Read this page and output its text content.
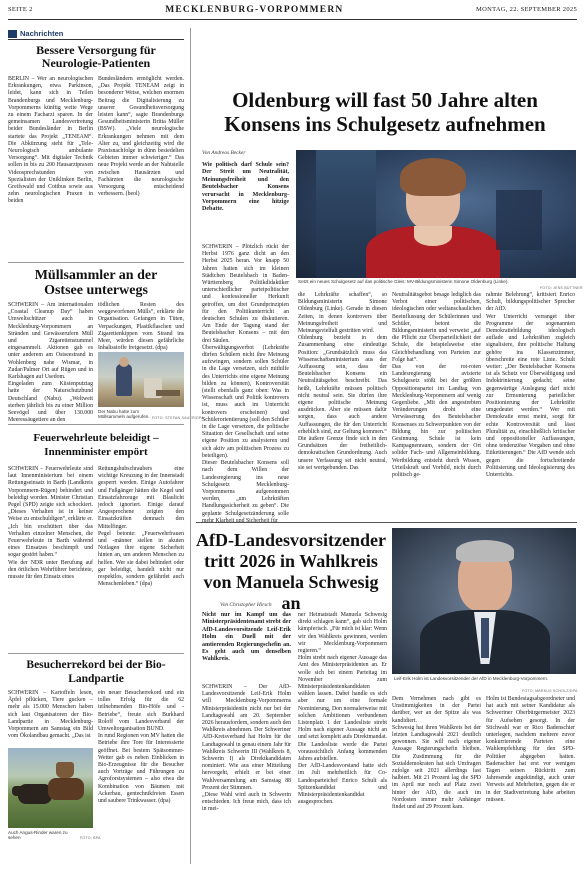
SEITE 2	MECKLENBURG-VORPOMMERN	MONTAG, 22. SEPTEMBER 2025
Nachrichten
Bessere Versorgung für Neurologie-Patienten
BERLIN – Wer an neurologischen Erkrankungen, etwa Parkinson, leidet, kann sich in Teilen Brandenburgs und Mecklenburg-Vorpommerns künftig weite Wege zu einem Facharzt sparen. In der gemeinsamen Landesvertretung beider Bundesländer in Berlin startete das Projekt „TENEAM“. Die Abkürzung steht für „Tele-Neurologisch ambulante Versorgung“. Mit digitaler Technik sollen in bis zu 200 Hausarztpraxen Videosprechstunden von Spezialisten der Uniklinken Berlin, Greifswald und Cottbus sowie aus zehn neurologischen Praxen in beiden
Bundesländern ermöglicht werden. „Das Projekt TENEAM zeigt in besonderer Weise, welchen enormen Beitrag die Digitalisierung zu unserer Gesundheitsversorgung leisten kann“, sagte Brandenburgs Gesundheitsministerin Britta Müller (BSW). „Viele neurologische Erkrankungen nehmen mit dem Alter zu, und gleichzeitig wird die Praxisnachfolge in dünn besiedelten Gebieten immer schwieriger.“ Das neue Projekt werde an der Nahtstelle zwischen Hausärzten und Fachärzten die neurologische Versorgung entscheidend verbessern. (beol)
Müllsammler an der Ostsee unterwegs
SCHWERIN – Am internationalen „Coastal Cleanup Day“ haben Umweltschützer auch in Mecklenburg-Vorpommern an Stränden und Gewässerufern Müll und Zigarettenstummel eingesammelt. Aktionen gab es unter anderem am Ostseestrand in Wohlenberg nahe Wismar, in Zudar/Palmer Ort auf Rügen und in Karlshagen auf Usedom.
Eingeladen zum Küstenputztag hatte der Naturschutzbund Deutschland (Nabu). „Weltweit sterben jährlich bis zu einer Million Seevögel und über 130.000 Meeressäugetiere an den
tödlichen Resten des weggeworfenen Mülls“, erklärte die Organisation. Gefangen in Tüten, Verpackungen, Plastikflaschen und Zigarettenkippen vom Strand ins Meer, würden diesen gefährliche Inhaltsstoffe freigesetzt. (dpa)
Der Nabu hatte zum Müllsammeln aufgerufen. FOTO: STEFAN SAUER/DPA
Feuerwehrleute beleidigt – Innenminister empört
SCHWERIN – Feuerwehrleute sind laut Innenministerium bei einem Rettungseinsatz in Barth (Landkreis Vorpommern-Rügen) behindert und beleidigt worden. Minister Christian Pegel (SPD) zeigte sich schockiert. „Dieses Verhalten ist in keiner Weise zu entschuldigen“, erklärte er. „Ich bin erschüttert über das Verhalten einzelner Menschen, die Feuerwehrleute in Barth während eines Einsatzes beschimpft und sogar gestört haben.“
Wie der NDR unter Berufung auf den örtlichen Wehrführer berichtete, musste für den Einsatz eines
Rettungshubschraubers eine wichtige Kreuzung in der Innenstadt gesperrt werden. Einige Autofahrer und Fußgänger hätten die Kegel und Einsatzfahrzeuge mit Blaulicht jedoch ignoriert. Einige darauf Angesprochene zeigten den Einsatzkräften demnach den Mittelfinger.
Pegel betonte: „Feuerwehrfrauen und -männer stellen in akuten Notlagen ihre eigene Sicherheit hinten an, um anderen Menschen zu helfen. Wer sie dabei behindert oder gar beleidigt, handelt nicht nur respektlos, sondern gefährdet auch Menschenleben.“ (dpa)
Besucherrekord bei der Bio-Landpartie
SCHWERIN – Kartoffeln lesen, Äpfel pflücken, Tiere gucken – mehr als 15.000 Menschen haben sich laut Organisatoren der Bio-Landpartie in Mecklenburg-Vorpommern am Samstag ein Bild vom Ökolandbau gemacht. „Das ist
ein neuer Besucherrekord und ein tolles Erfolg für die 62 teilnehmenden Bio-Höfe und -Betriebe“, freute sich Burkhard Roloff vom Landesverband der Umweltorganisation BUND.
In rund Regionen von MV hatten die Betriebe ihre Tore für Interessierte geöffnet. Bei bestem Spätsommer-Wetter gab es neben Einblicken in Bio-Erzeugnisse für die Besucher auch Vorträge und Führungen zu Agroforstsystemen – also etwa die Kombination von Bäumen mit Ackerbau, gentechnikfreien Essen und saubere Trinkwasser. (dpa)
Auch Angus-Rinder waren zu sehen	FOTO: BPA
Oldenburg will fast 50 Jahre alten Konsens ins Schulgesetz aufnehmen
Von Andreas Becker
Wie politisch darf Schule sein? Der Streit um Neutralität, Meinungsfreiheit und den Beutelsbacher Konsens verursacht in Mecklenburg-Vorpommern eine hitzige Debatte.
SCHWERIN – Plötzlich rückt der Herbst 1976 ganz dicht an den Herbst 2025 heran. Vor knapp 50 Jahren hatten sich im kleinen Städtchen Beutelsbach in Baden-Württemberg Politikdidaktiker unterschiedlicher parteipolitischer und konfessioneller Herkunft getroffen, um drei Grundprinzipien für den Politikunterricht an deutschen Schulen zu diskutieren. Am Ende der Tagung stand der Beutelsbacher Konsens – mit den drei Säulen.
Überwältigungsverbot (Lehrkräfte dürfen Schülern nicht ihre Meinung aufzwingen, sondern sollen Schüler in die Lage versetzen, sich mithilfe des Unterrichts eine eigene Meinung bilden zu können), Kontroversität (stellt ebenfalls ganz oben: Was in Wissenschaft und Politik kontrovers ist, muss auch im Unterricht kontrovers erscheinen) und Schülerorientierung (soll den Schüler in die Lage versetzen, die politische Situation der Gesellschaft und seine eigene Position zu analysieren und sich aktiv am politischen Prozess zu beteiligen).
Dieser Beutelsbacher Konsens soll nach dem Willen der Landesregierung ins neue Schulgesetz Mecklenburg-Vorpommerns aufgenommen werden, „um Lehrkräften Handlungssicherheit zu geben“. Die geplante Schulgesetzänderung solle mehr Klarheit und Sicherheit für
Setzt ein neues Schulgesetz auf das politische Gleis: MV-Bildungsministerin Simone Oldenburg (Linke).
FOTO: JENS BÜTTNER
die Lehrkräfte schaffen“, so Bildungsministerin Simone Oldenburg (Linke). Gerade in diesen Zeiten, in denen kontrovers über Meinungsfreiheit und Meinungsvielfalt gestritten wird.
Oldenburg bezieht in dem Zusammenhang eine eindeutige Position: „Grundsätzlich muss das Wissenschaftsministerium aus der Auffassung sein, dass der Beutelsbacher Konsens ein Neutralitätsgebot beschreibt. Das heißt, Lehrkräfte müssen politisch nicht neutral sein. Sie dürfen ihre eigene politische Meinung ausdrücken. Aber sie müssen dafür sorgen, dass auch andere Auffassungen, die für den Unterricht erheblich sind, zur Geltung kommen.“
Die äußere Grenze finde sich in den Grundsätzen der freiheitlich-demokratischen Grundordnung. Auch unsere Verfassung sei nicht neutral, sie sei wertgebunden. Das
Neutralitätsgebot besage lediglich das Verbot einer politischen, ideologischen oder weltanschaulichen Beeinflussung der Schülerinnen und Schüler, betont die Bildungsministerin und verweist „auf die Pflicht zur Überparteilichkeit der Schule, die beispielsweise eine Gleichbehandlung von Parteien zur Folge hat“.
Das von der rot-roten Landesregierung avisierte Schulgesetz stößt bei der größten Oppositionspartei im Landtag von Mecklenburg-Vorpommern auf wenig Gegenliebe. „Mit den angestrebten Veränderungen droht eine Verwässerung des Beutelsbacher Konsenses zu Schwerpunkten von der Bildung hin zur politischen Gesinnung. Schule ist kein Kampagnenraum, sondern der Ort solider Fach- und Allgemeinbildung. Wertbildung entsteht durch Wissen, Urteilskraft und Vorbild, nicht durch politisch ge-
rahmte Belehrung“, kritisiert Enrico Schult, bildungspolitischer Sprecher der AfD.
Wer Unterricht verranget über Programme der sogenannten Demokratiebildung ideologisch auflade und Lehrkräften zugleich signalisiere, ihre politische Haltung gehöre ins Klassenzimmer, überschreite eine rote Linie. Schult weiter: „Der Beutelsbacher Konsens ist als Schutz vor Überwältigung und Indoktrinierung gedacht; seine gegenwärtige Auslegung darf nicht zur Ermunterung parteilicher Positionierung der Lehrkräfte umgedeutet werden.“ Wer mit Demokratie ernst meint, sorgt für echte Kontroversität und lässt Pluralität zu, einschließlich kritischer und oppositioneller Auffassungen, ohne tendenziöse Vorgaben und ohne Etikettierungen.“ Die AfD wende sich gegen die fortschreitende Politisierung und Ideologisierung des Unterrichts.
AfD-Landesvorsitzender tritt 2026 in Wahlkreis von Manuela Schwesig an
Von Christopher Hirsch
Nicht nur im Kampf um das Ministerpräsidentenamt strebt der AfD-Landesvorsitzende Leif-Erik Holm ein Duell mit der amtierenden Regierungschefin an. Es geht auch um denselben Wahlkreis.
SCHWERIN – Der AfD-Landesvorsitzende Leif-Erik Holm will Mecklenburg-Vorpommerns Ministerpräsidentin nicht nur bei der Landtagswahl am 20. September 2026 herausfordern, sondern auch den Wahlkreis abnehmen. Der Schweriner AfD-Kreisverband hat Holm für die Landtagswahl in genau einem Jahr für Wahlkreis Schwerin III (Wahlkreis 8, Schwerin I) als Direktkandidaten nominiert. Wie aus einer Mitteilung hervorgeht, erhielt er bei einer Wahlversammlung am Samstag 88 Prozent der Stimmen.
„Diese Wahl wird auch in Schwerin entschieden. Ich freue mich, dass ich in mei-
ner Heimatstadt Manuela Schwesig direkt schlagen kann“, gab sich Holm kämpferisch. „Für mich ist klar: Wenn wir den Wahlkreis gewinnen, werden wir Mecklenburg-Vorpommern regieren.“
Holm strebt nach eigener Aussage das Amt des Ministerpräsidenten an. Er wolle sich bei einem Parteitag im November zum Ministerpräsidentenkandidaten wählen lassen. Dabei handle es sich aber nur um eine formale Nominierung, Don normalerweise mit solchen Ambitionen verbundenen Listenplatz 1 der Landesliste strebt Holm nach eigener Aussage nicht an und setzt komplett aufs Direktmandat. Die Landesliste werde die Partei voraussichtlich Anfang kommenden Jahres aufstellen.
Der AfD-Landesvorstand hatte sich im Juli mehrheitlich für Co-Landesparteichef Enrico Schult als Spitzenkandidat und Ministerpräsidentenkandidat ausgesprochen.
Leif-Erik Holm ist Landesvorsitzender der AfD in Mecklenburg-Vorpommern.
FOTO: MARKUS SCHOLZ/DPA
Dem Vernehmen nach gibt es Unstimmigkeiten in der Partei darüber, wer an der Spitze als was kandidiert.
Schwesig hat ihren Wahlkreis bei der letzten Landtagswahl 2021 deutlich gewonnen. Sie will nach eigener Aussage Regierungschefin bleiben. Die Zustimmung für die Sozialdemokraten hat sich Umfragen zufolge seit 2021 allerdings fast halbiert. Mit 21 Prozent lag die SPD im April nur noch auf Platz zwei hinter der AfD, die auch im Nordosten immer mehr Anhänger findet und auf 29 Prozent kam.
Holm ist Bundestagsabgeordneter und hat auch mit seiner Kandidatur als Schweriner Oberbürgermeister 2023 für Aufsehen gesorgt. In der Stichwahl war er Rico Badenschier unterlegen, nachdem mehrere zuvor konkurrierende Parteien eine Wahlempfehlung für den SPD-Politiker abgegeben hatten. Badenschier hat erst vor wenigen Tagen seinen Rücktritt zum Jahresende angekündigt, auch unter Verweis auf Mehrheiten, gegen die er in der Stadtvertretung habe arbeiten müssen.
